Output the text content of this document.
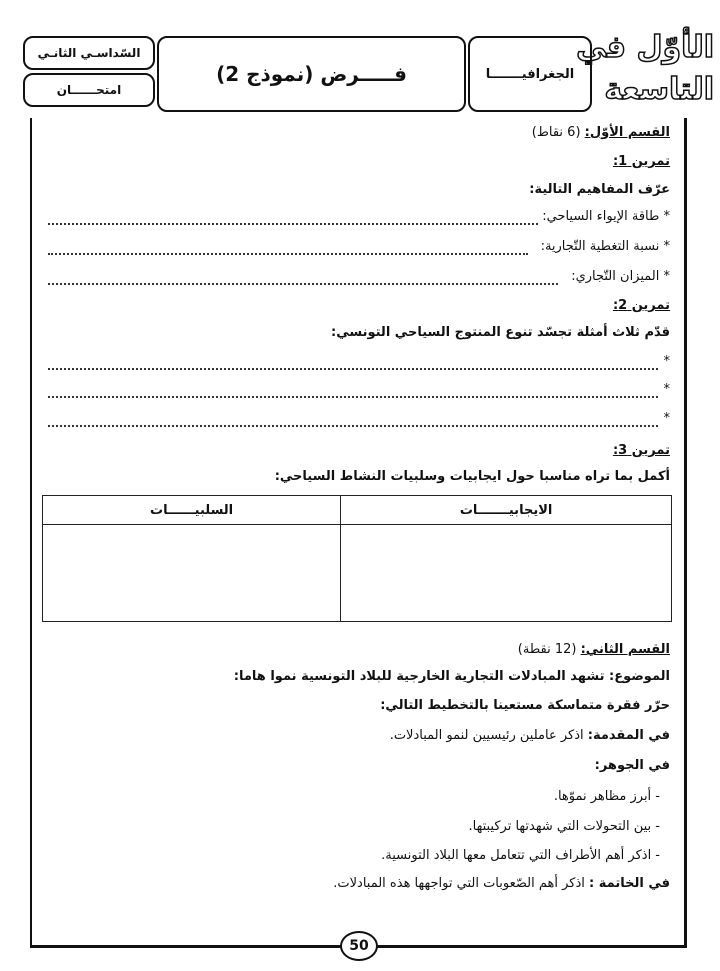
الأوّل في
التاسعة
الجغرافيـــــــا
فـــــرض (نموذج 2)
السّداسـي الثانـي
امتحــــــان
50
القسم الأوّل: (6 نقاط)
تمرين 1:
عرّف المفاهيم التالية:
* طاقة الإيواء السياحي:
* نسبة التغطية التّجارية:
* الميزان التّجاري:
تمرين 2:
قدّم ثلاث أمثلة تجسّد تنوع المنتوج السياحي التونسي:
*
*
*
تمرين 3:
أكمل بما تراه مناسبا حول ايجابيات وسلبيات النشاط السياحي:
الايجابيـــــــات	السلبيــــــات

القسم الثاني: (12 نقطة)
الموضوع: تشهد المبادلات التجارية الخارجية للبلاد التونسية نموا هاما:
حرّر فقرة متماسكة مستعينا بالتخطيط التالي:
في المقدمة: اذكر عاملين رئيسيين لنمو المبادلات.
في الجوهر:
- أبرز مظاهر نموّها.
- بين التحولات التي شهدتها تركيبتها.
- اذكر أهم الأطراف التي تتعامل معها البلاد التونسية.
في الخاتمة : اذكر أهم الصّعوبات التي تواجهها هذه المبادلات.
